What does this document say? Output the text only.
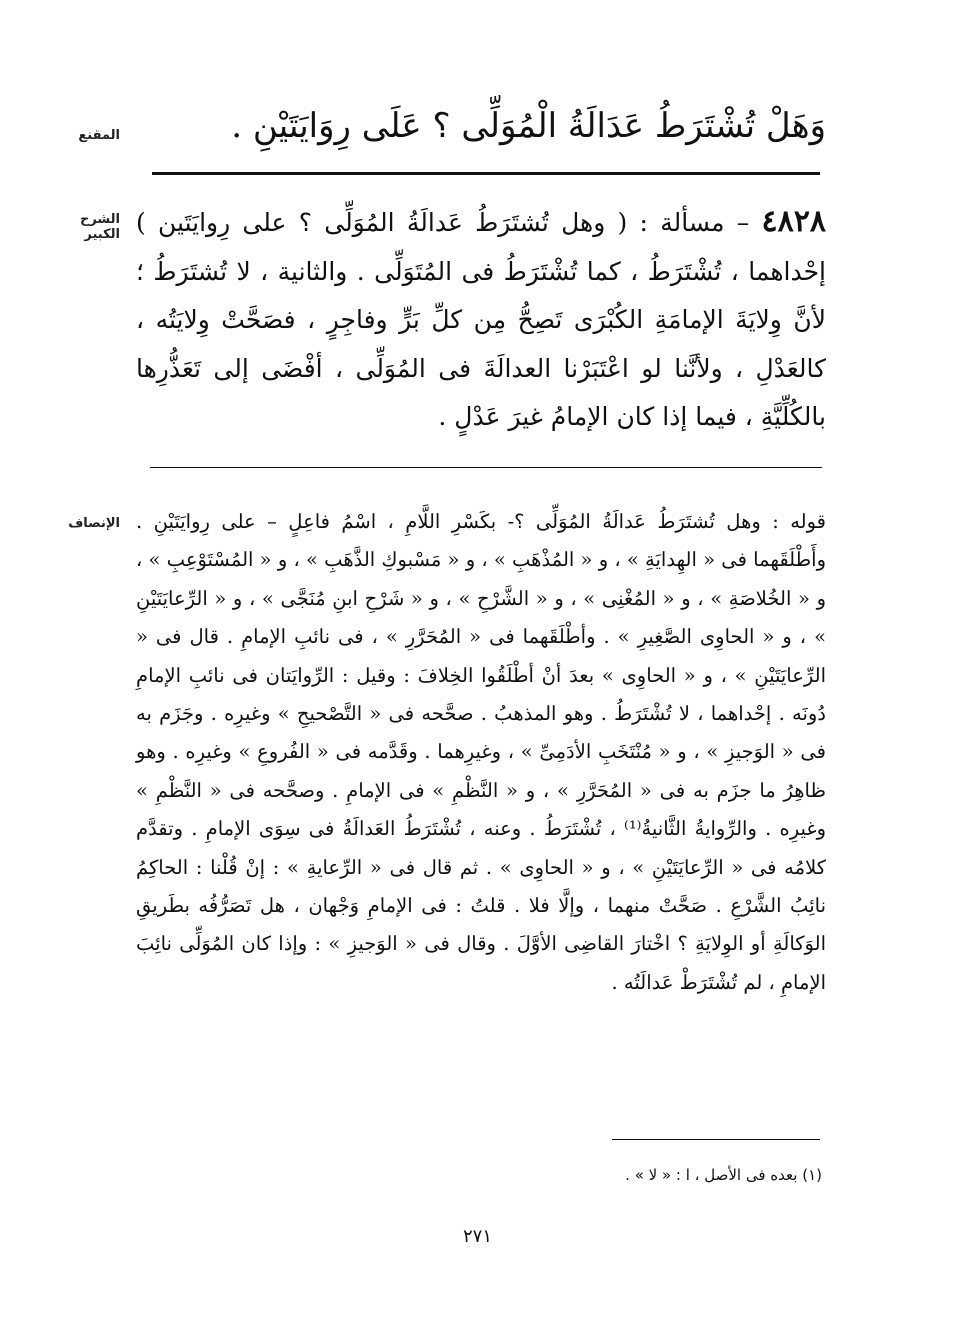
المقنع
الشرح الكبير
الإنصاف
وَهَلْ تُشْتَرَطُ عَدَالَةُ الْمُوَلِّى ؟ عَلَى رِوَايَتَيْنِ .
٤٨٢٨ – مسألة : ( وهل تُشتَرَطُ عَدالَةُ المُوَلِّى ؟ على رِوايَتَين ) إحْداهما ، تُشْتَرَطُ ، كما تُشْتَرَطُ فى المُتَوَلِّى . والثانية ، لا تُشتَرَطُ ؛ لأنَّ وِلايَةَ الإمامَةِ الكُبْرَى تَصِحُّ مِن كلِّ بَرٍّ وفاجِرٍ ، فصَحَّتْ وِلايَتُه ، كالعَدْلِ ، ولأنَّنا لو اعْتَبَرْنا العدالَةَ فى المُوَلِّى ، أفْضَى إلى تَعَذُّرِها بالكُلِّيَّةِ ، فيما إذا كان الإمامُ غيرَ عَدْلٍ .
قوله : وهل تُشتَرَطُ عَدالَةُ المُوَلِّى ؟- بكَسْرِ اللَّامِ ، اسْمُ فاعِلٍ – على رِوايَتَيْنِ . وأَطْلَقَهما فى « الهِدايَةِ » ، و « المُذْهَبِ » ، و « مَسْبوكِ الذَّهَبِ » ، و « المُسْتَوْعِبِ » ، و « الخُلاصَةِ » ، و « المُغْنِى » ، و « الشَّرْحِ » ، و « شَرْحِ ابنِ مُنَجَّى » ، و « الرِّعايَتَيْنِ » ، و « الحاوِى الصَّغِيرِ » . وأطْلَقَهما فى « المُحَرَّرِ » ، فى نائبِ الإمامِ . قال فى « الرِّعايَتَيْنِ » ، و « الحاوِى » بعدَ أنْ أطْلَقُوا الخِلافَ : وقيل : الرِّوايَتان فى نائبِ الإمامِ دُونَه . إحْداهما ، لا تُشْتَرَطُ . وهو المذهبُ . صحَّحه فى « التَّصْحيحِ » وغيرِه . وجَزَم به فى « الوَجيزِ » ، و « مُنْتَخَبِ الأدَمِىِّ » ، وغيرِهما . وقَدَّمه فى « الفُروعِ » وغيرِه . وهو ظاهِرُ ما جزَم به فى « المُحَرَّرِ » ، و « النَّظْمِ » فى الإمامِ . وصحَّحه فى « النَّظْمِ » وغيرِه . والرِّوايةُ الثَّانيةُ⁽¹⁾ ، تُشْتَرَطُ . وعنه ، تُشْتَرَطُ العَدالَةُ فى سِوَى الإمامِ . وتقدَّم كلامُه فى « الرِّعايَتَيْنِ » ، و « الحاوِى » . ثم قال فى « الرِّعايةِ » : إنْ قُلْنا : الحاكِمُ نائِبُ الشَّرْعِ . صَحَّتْ منهما ، وإلَّا فلا . قلتُ : فى الإمامِ وَجْهان ، هل تَصَرُّفُه بطَريقِ الوَكالَةِ أو الوِلايَةِ ؟ اخْتارَ القاضِى الأوَّلَ . وقال فى « الوَجيزِ » : وإذا كان المُوَلِّى نائِبَ الإمامِ ، لم تُشْتَرَطْ عَدالَتُه .
(١) بعده فى الأصل ، ا : « لا » .
٢٧١
